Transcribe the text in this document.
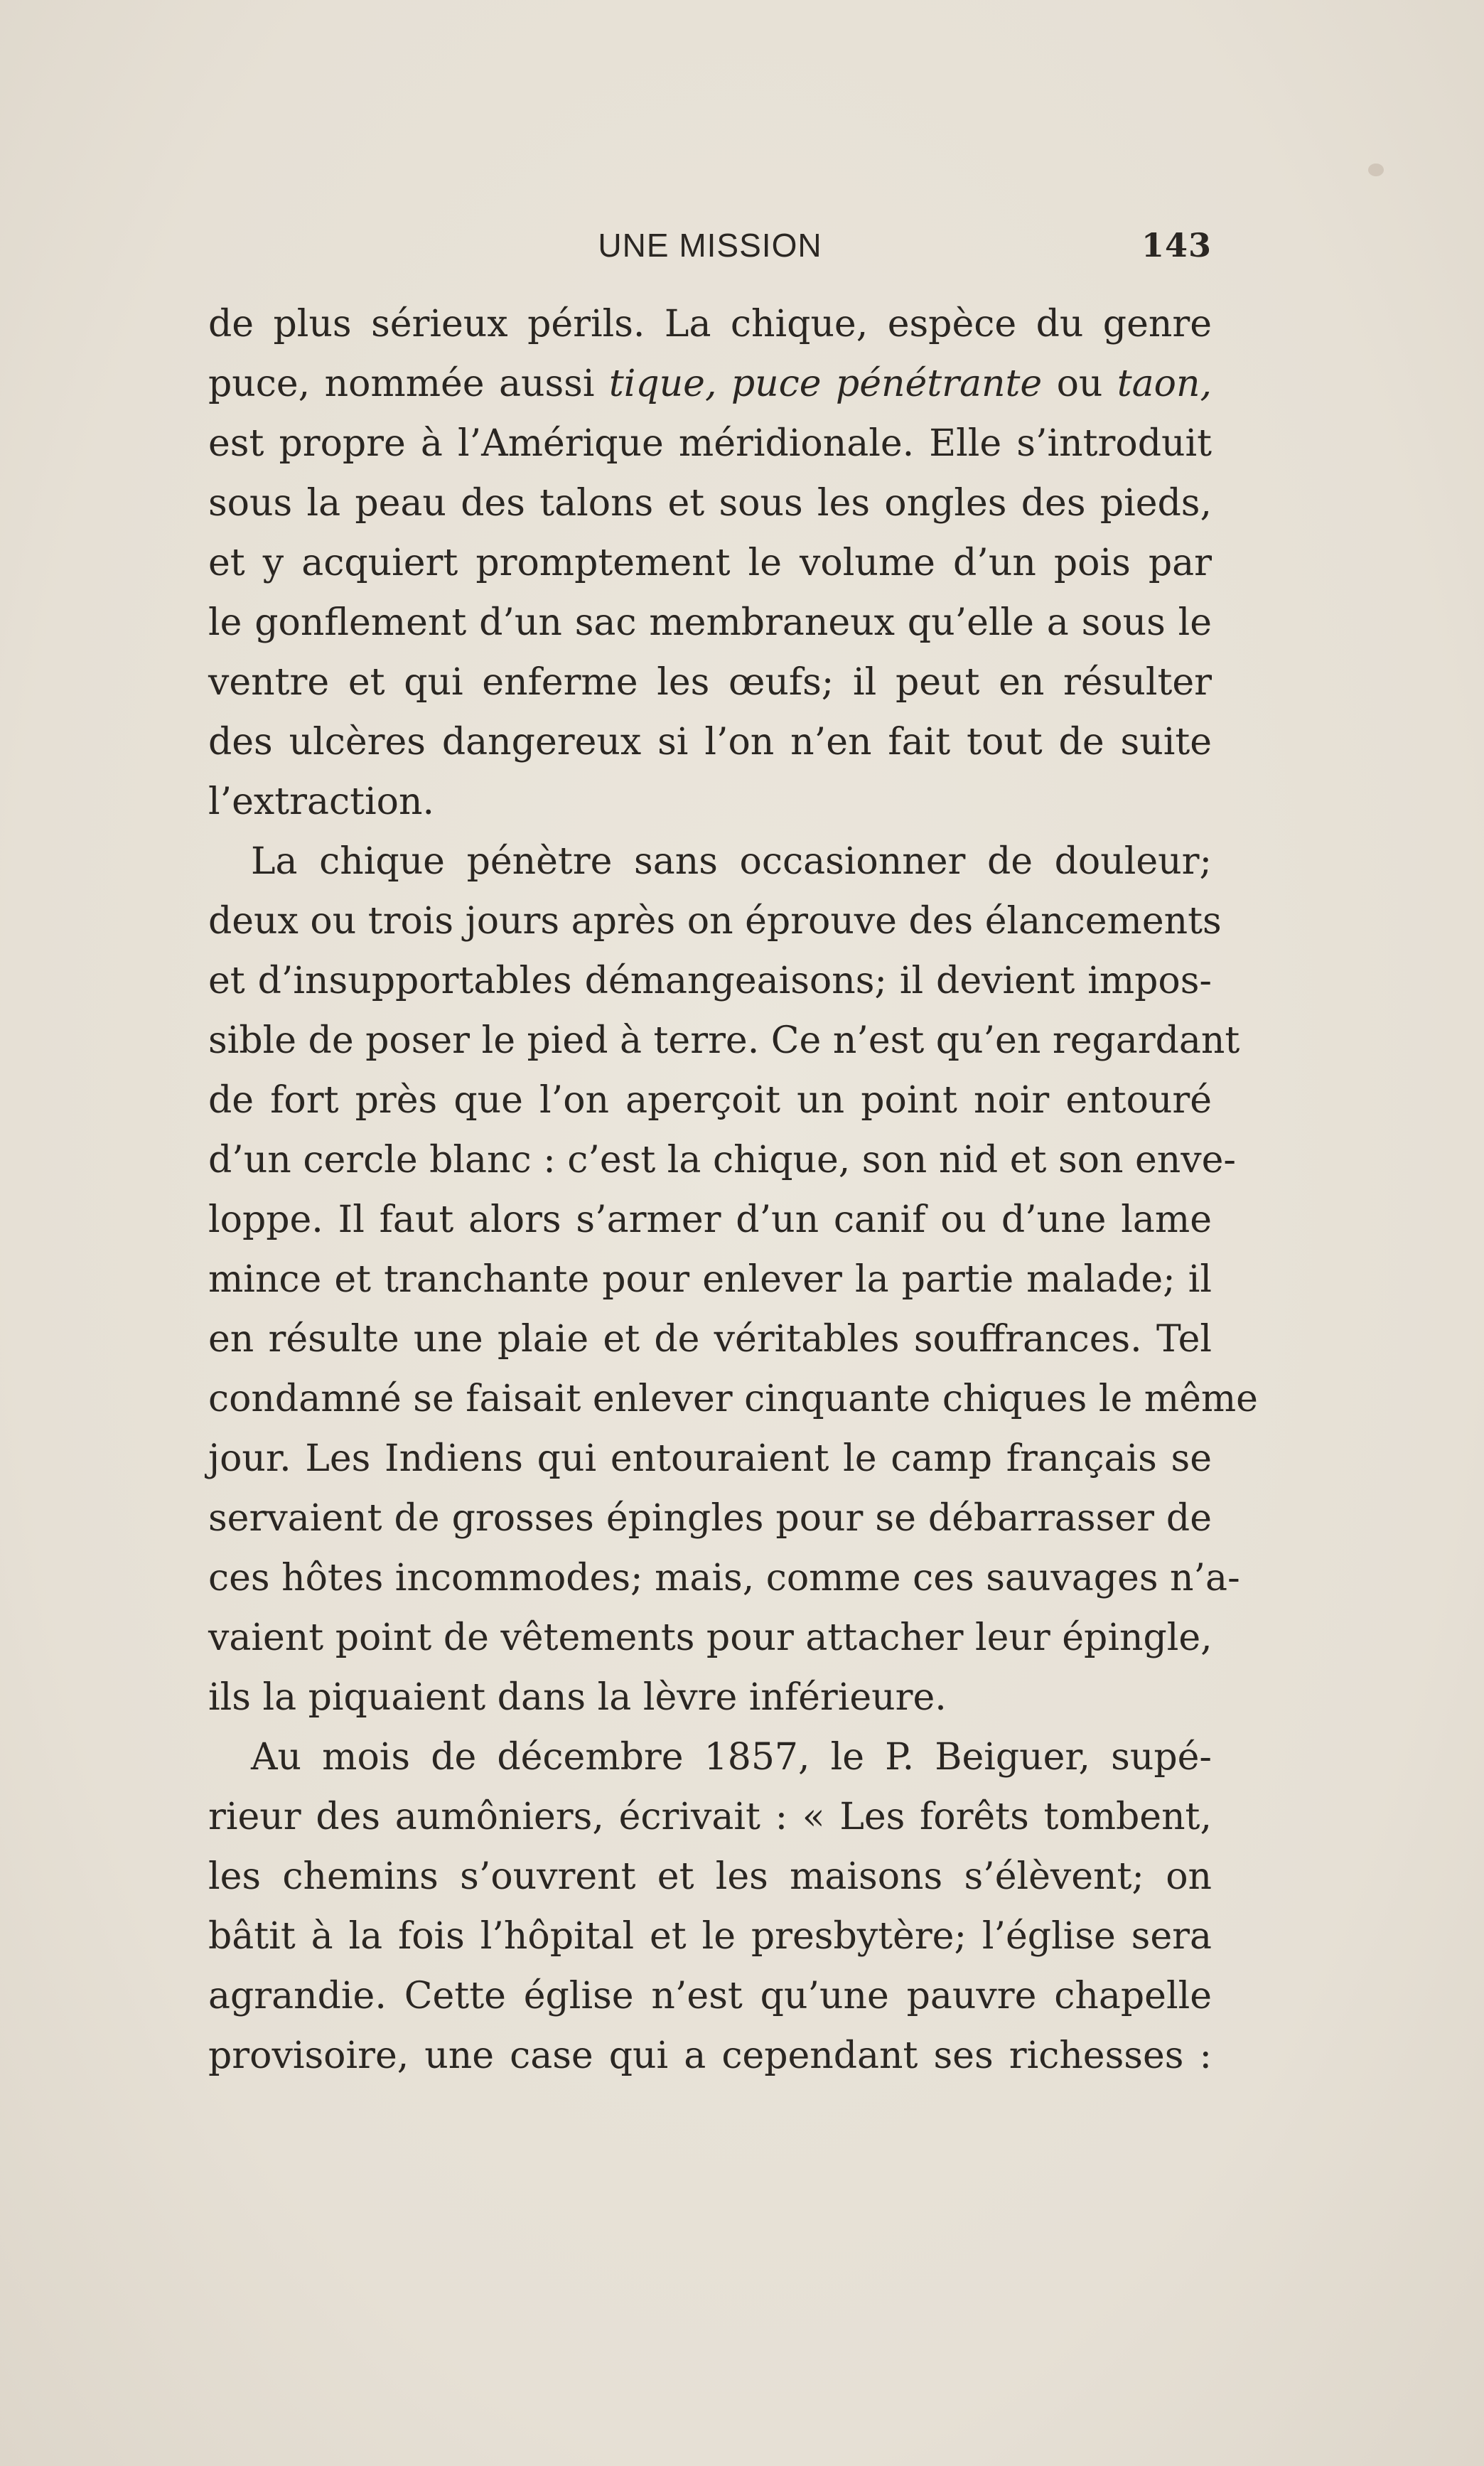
UNE MISSION	143
de plus sérieux périls. La chique, espèce du genre
puce, nommée aussi tique, puce pénétrante ou taon,
est propre à l’Amérique méridionale. Elle s’introduit
sous la peau des talons et sous les ongles des pieds,
et y acquiert promptement le volume d’un pois par
le gonflement d’un sac membraneux qu’elle a sous le
ventre et qui enferme les œufs; il peut en résulter
des ulcères dangereux si l’on n’en fait tout de suite
l’extraction.
La chique pénètre sans occasionner de douleur;
deux ou trois jours après on éprouve des élancements
et d’insupportables démangeaisons; il devient impos-
sible de poser le pied à terre. Ce n’est qu’en regardant
de fort près que l’on aperçoit un point noir entouré
d’un cercle blanc : c’est la chique, son nid et son enve-
loppe. Il faut alors s’armer d’un canif ou d’une lame
mince et tranchante pour enlever la partie malade; il
en résulte une plaie et de véritables souffrances. Tel
condamné se faisait enlever cinquante chiques le même
jour. Les Indiens qui entouraient le camp français se
servaient de grosses épingles pour se débarrasser de
ces hôtes incommodes; mais, comme ces sauvages n’a-
vaient point de vêtements pour attacher leur épingle,
ils la piquaient dans la lèvre inférieure.
Au mois de décembre 1857, le P. Beiguer, supé-
rieur des aumôniers, écrivait : « Les forêts tombent,
les chemins s’ouvrent et les maisons s’élèvent; on
bâtit à la fois l’hôpital et le presbytère; l’église sera
agrandie. Cette église n’est qu’une pauvre chapelle
provisoire, une case qui a cependant ses richesses :
